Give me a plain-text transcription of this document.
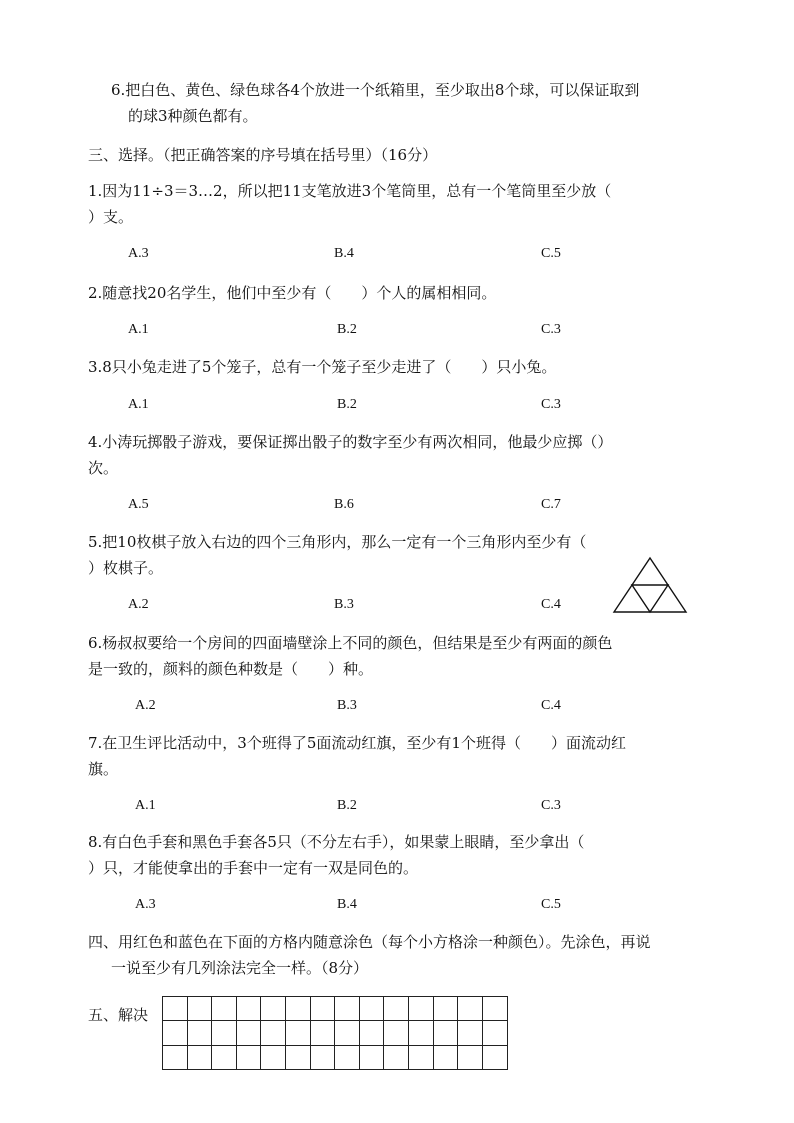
6.把白色、黄色、绿色球各4个放进一个纸箱里，至少取出8个球，可以保证取到
的球3种颜色都有。
三、选择。（把正确答案的序号填在括号里）（16分）
1.因为11÷3＝3…2，所以把11支笔放进3个笔筒里，总有一个笔筒里至少放（
）支。
A.3	B.4	C.5
2.随意找20名学生，他们中至少有（　　）个人的属相相同。
A.1	B.2	C.3
3.8只小兔走进了5个笼子，总有一个笼子至少走进了（　　）只小兔。
A.1	B.2	C.3
4.小涛玩掷骰子游戏，要保证掷出骰子的数字至少有两次相同，他最少应掷（）
次。
A.5	B.6	C.7
5.把10枚棋子放入右边的四个三角形内，那么一定有一个三角形内至少有（
）枚棋子。
A.2	B.3	C.4
6.杨叔叔要给一个房间的四面墙壁涂上不同的颜色，但结果是至少有两面的颜色
是一致的，颜料的颜色种数是（　　）种。
A.2	B.3	C.4
7.在卫生评比活动中，3个班得了5面流动红旗，至少有1个班得（　　）面流动红
旗。
A.1	B.2	C.3
8.有白色手套和黑色手套各5只（不分左右手），如果蒙上眼睛，至少拿出（
）只，才能使拿出的手套中一定有一双是同色的。
A.3	B.4	C.5
四、用红色和蓝色在下面的方格内随意涂色（每个小方格涂一种颜色）。先涂色，再说
一说至少有几列涂法完全一样。（8分）
五、解决
